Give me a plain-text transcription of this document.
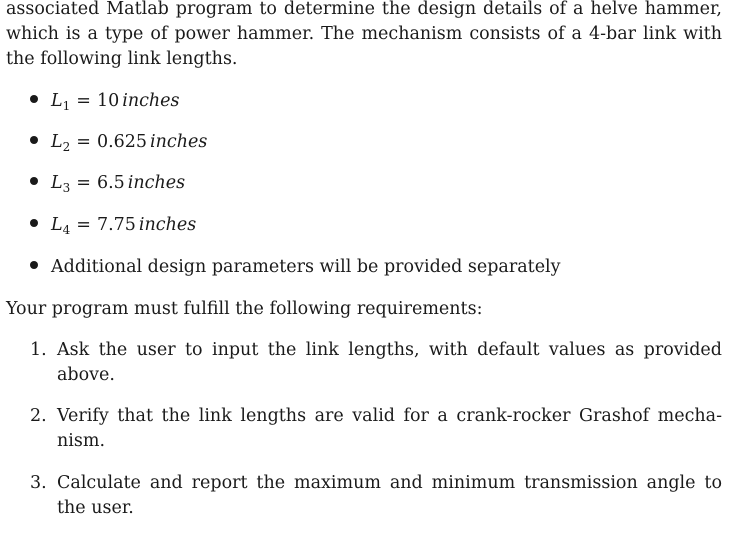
associated Matlab program to determine the design details of a helve hammer, which is a type of power hammer. The mechanism consists of a 4-bar link with the following link lengths.

$L_1 = 10$ inches
$L_2 = 0.625$ inches
$L_3 = 6.5$ inches
$L_4 = 7.75$ inches
Additional design parameters will be provided separately

Your program must fulfill the following requirements:

1. Ask the user to input the link lengths, with default values as provided above.
2. Verify that the link lengths are valid for a crank-rocker Grashof mecha-nism.
3. Calculate and report the maximum and minimum transmission angle to the user.
